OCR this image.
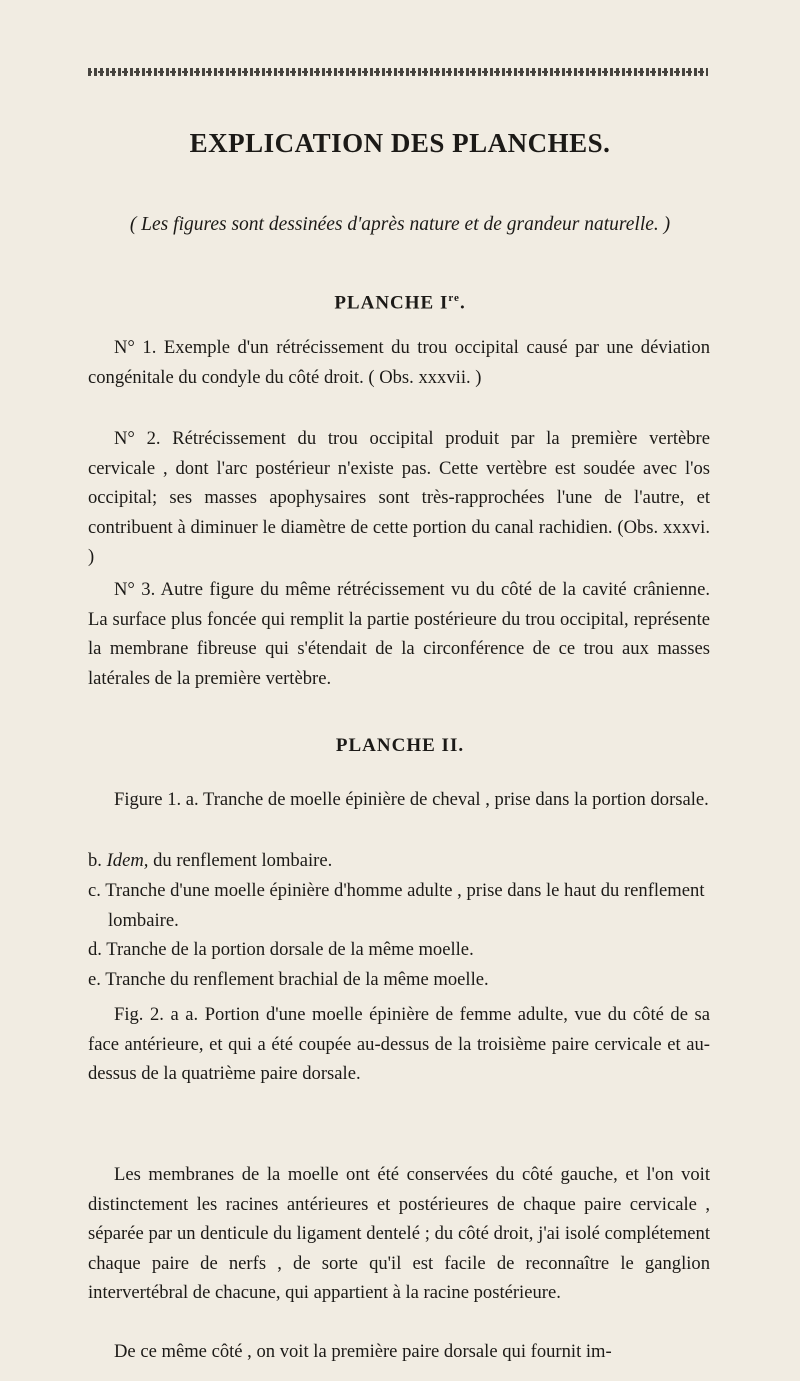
EXPLICATION DES PLANCHES.
( Les figures sont dessinées d'après nature et de grandeur naturelle. )
PLANCHE Ire.
N° 1. Exemple d'un rétrécissement du trou occipital causé par une déviation congénitale du condyle du côté droit. ( Obs. xxxvii. )
N° 2. Rétrécissement du trou occipital produit par la première vertèbre cervicale , dont l'arc postérieur n'existe pas. Cette vertèbre est soudée avec l'os occipital; ses masses apophysaires sont très-rapprochées l'une de l'autre, et contribuent à diminuer le diamètre de cette portion du canal rachidien. (Obs. xxxvi. )
N° 3. Autre figure du même rétrécissement vu du côté de la cavité crânienne. La surface plus foncée qui remplit la partie postérieure du trou occipital, représente la membrane fibreuse qui s'étendait de la circonférence de ce trou aux masses latérales de la première vertèbre.
PLANCHE II.
Figure 1. a. Tranche de moelle épinière de cheval , prise dans la portion dorsale.
b. Idem, du renflement lombaire.
c. Tranche d'une moelle épinière d'homme adulte , prise dans le haut du renflement lombaire.
d. Tranche de la portion dorsale de la même moelle.
e. Tranche du renflement brachial de la même moelle.
Fig. 2. a a. Portion d'une moelle épinière de femme adulte, vue du côté de sa face antérieure, et qui a été coupée au-dessus de la troisième paire cervicale et au-dessus de la quatrième paire dorsale.
Les membranes de la moelle ont été conservées du côté gauche, et l'on voit distinctement les racines antérieures et postérieures de chaque paire cervicale , séparée par un denticule du ligament dentelé ; du côté droit, j'ai isolé complétement chaque paire de nerfs , de sorte qu'il est facile de reconnaître le ganglion intervertébral de chacune, qui appartient à la racine postérieure.
De ce même côté , on voit la première paire dorsale qui fournit im-
